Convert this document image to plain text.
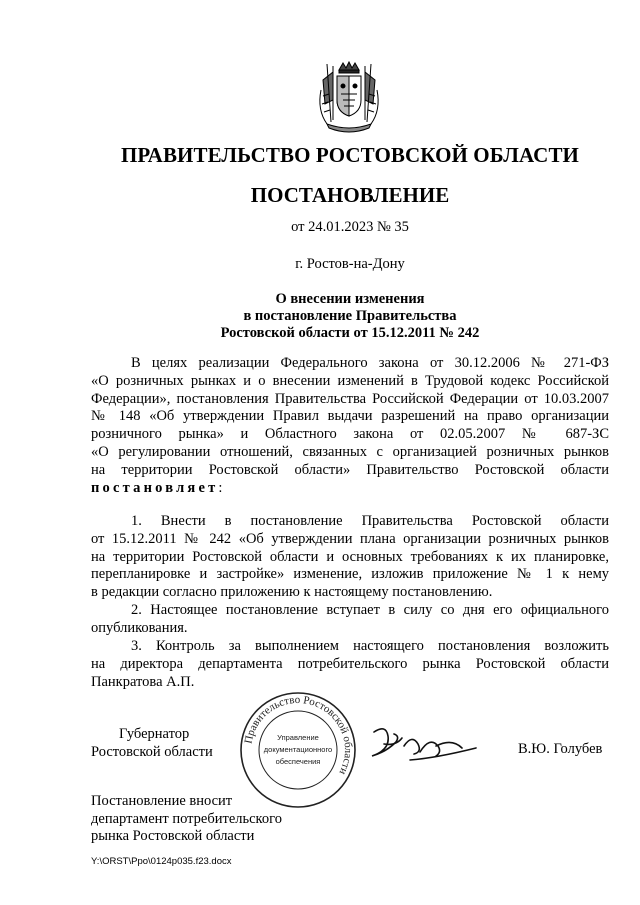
ПРАВИТЕЛЬСТВО РОСТОВСКОЙ ОБЛАСТИ
ПОСТАНОВЛЕНИЕ
от 24.01.2023 № 35
г. Ростов-на-Дону
О внесении изменения
в постановление Правительства
Ростовской области от 15.12.2011 № 242
В целях реализации Федерального закона от 30.12.2006 № 271-ФЗ
«О розничных рынках и о внесении изменений в Трудовой кодекс Российской
Федерации», постановления Правительства Российской Федерации от 10.03.2007
№ 148 «Об утверждении Правил выдачи разрешений на право организации
розничного рынка» и Областного закона от 02.05.2007 № 687-ЗС
«О регулировании отношений, связанных с организацией розничных рынков
на территории Ростовской области» Правительство Ростовской области
постановляет:
1. Внести в постановление Правительства Ростовской области
от 15.12.2011 № 242 «Об утверждении плана организации розничных рынков
на территории Ростовской области и основных требованиях к их планировке,
перепланировке и застройке» изменение, изложив приложение № 1 к нему
в редакции согласно приложению к настоящему постановлению.
2. Настоящее постановление вступает в силу со дня его официального
опубликования.
3. Контроль за выполнением настоящего постановления возложить
на директора департамента потребительского рынка Ростовской области
Панкратова А.П.
Губернатор
Ростовской области
Правительство Ростовской области
Управление
документационного
обеспечения
В.Ю. Голубев
Постановление вносит
департамент потребительского
рынка Ростовской области
Y:\ORST\Ppo\0124p035.f23.docx
